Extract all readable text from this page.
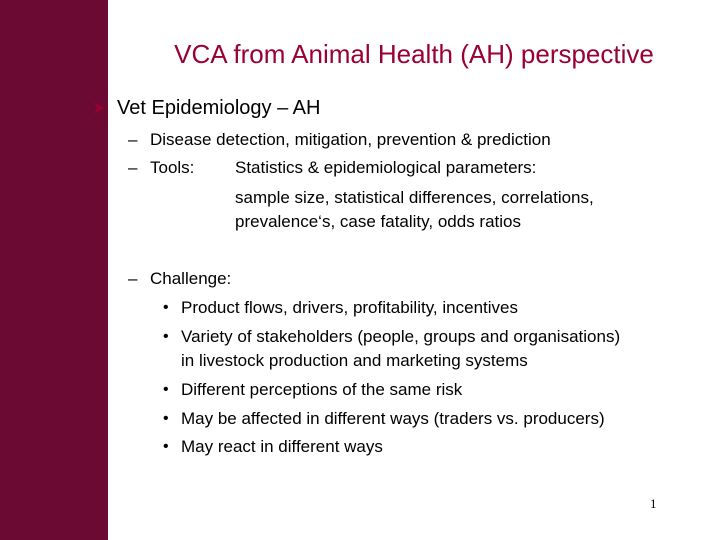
VCA from Animal Health (AH) perspective
Vet Epidemiology – AH
– Disease detection, mitigation, prevention & prediction
– Tools: Statistics & epidemiological parameters:
sample size, statistical differences, correlations,
prevalence‘s, case fatality, odds ratios
– Challenge:
• Product flows, drivers, profitability, incentives
• Variety of stakeholders (people, groups and organisations)
in livestock production and marketing systems
• Different perceptions of the same risk
• May be affected in different ways (traders vs. producers)
• May react in different ways
1
